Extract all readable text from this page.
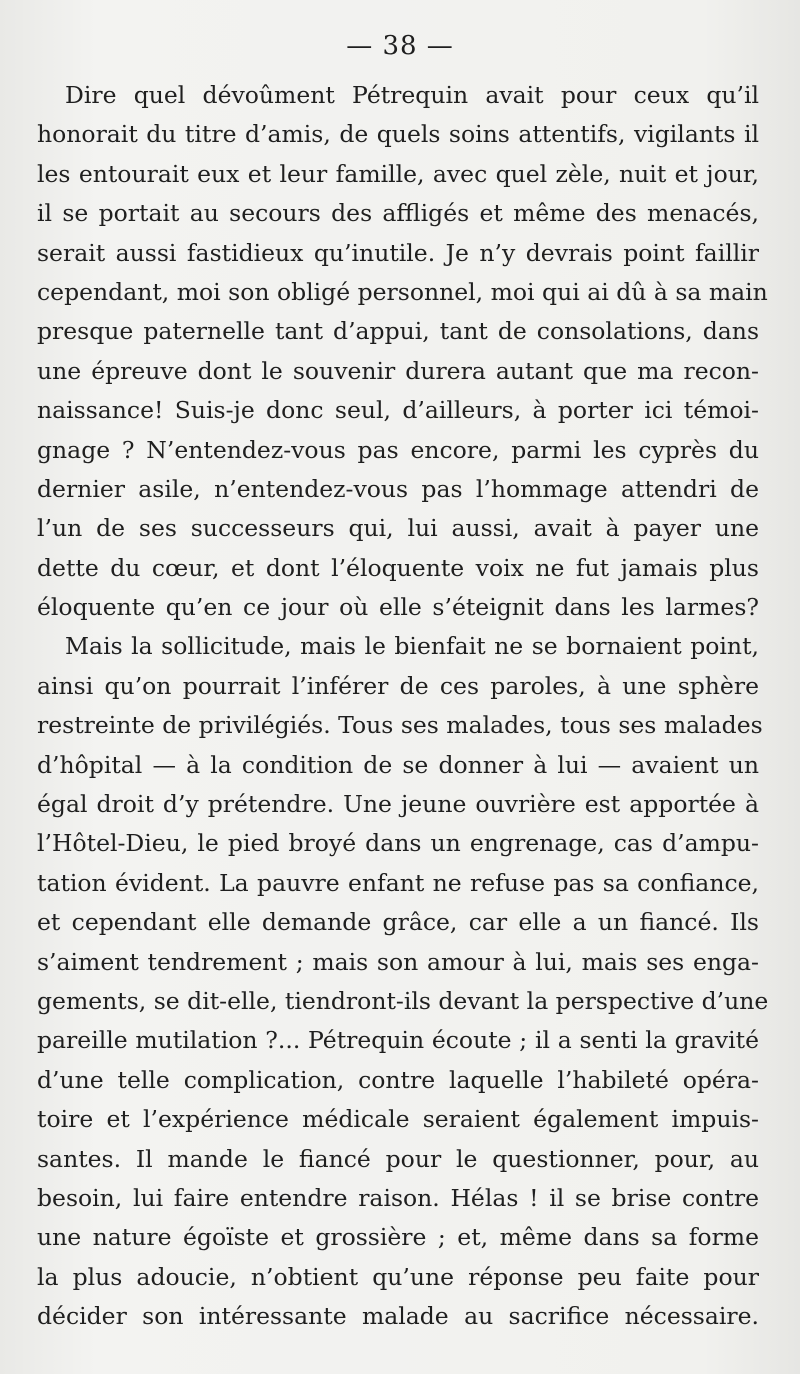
— 38 —
Dire quel dévoûment Pétrequin avait pour ceux qu’il
honorait du titre d’amis, de quels soins attentifs, vigilants il
les entourait eux et leur famille, avec quel zèle, nuit et jour,
il se portait au secours des affligés et même des menacés,
serait aussi fastidieux qu’inutile. Je n’y devrais point faillir
cependant, moi son obligé personnel, moi qui ai dû à sa main
presque paternelle tant d’appui, tant de consolations, dans
une épreuve dont le souvenir durera autant que ma recon-
naissance! Suis-je donc seul, d’ailleurs, à porter ici témoi-
gnage ? N’entendez-vous pas encore, parmi les cyprès du
dernier asile, n’entendez-vous pas l’hommage attendri de
l’un de ses successeurs qui, lui aussi, avait à payer une
dette du cœur, et dont l’éloquente voix ne fut jamais plus
éloquente qu’en ce jour où elle s’éteignit dans les larmes?
Mais la sollicitude, mais le bienfait ne se bornaient point,
ainsi qu’on pourrait l’inférer de ces paroles, à une sphère
restreinte de privilégiés. Tous ses malades, tous ses malades
d’hôpital — à la condition de se donner à lui — avaient un
égal droit d’y prétendre. Une jeune ouvrière est apportée à
l’Hôtel-Dieu, le pied broyé dans un engrenage, cas d’ampu-
tation évident. La pauvre enfant ne refuse pas sa confiance,
et cependant elle demande grâce, car elle a un fiancé. Ils
s’aiment tendrement ; mais son amour à lui, mais ses enga-
gements, se dit-elle, tiendront-ils devant la perspective d’une
pareille mutilation ?... Pétrequin écoute ; il a senti la gravité
d’une telle complication, contre laquelle l’habileté opéra-
toire et l’expérience médicale seraient également impuis-
santes. Il mande le fiancé pour le questionner, pour, au
besoin, lui faire entendre raison. Hélas ! il se brise contre
une nature égoïste et grossière ; et, même dans sa forme
la plus adoucie, n’obtient qu’une réponse peu faite pour
décider son intéressante malade au sacrifice nécessaire.
